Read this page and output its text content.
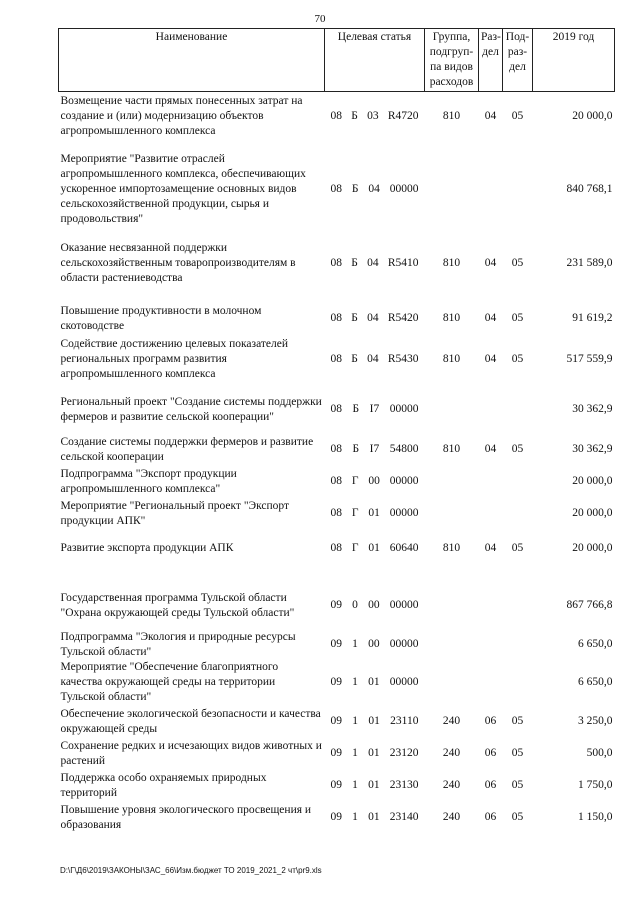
70
Наименование	Целевая статья	Группа, подгруп-па видов расходов	Раз-дел	Под-раз-дел	2019 год
Возмещение части прямых понесенных затрат на создание и (или) модернизацию объектов агропромышленного комплекса	08 Б 03 R4720	810	04	05	20 000,0
Мероприятие "Развитие отраслей агропромышленного комплекса, обеспечивающих ускоренное импортозамещение основных видов сельскохозяйственной продукции, сырья и продовольствия"	08 Б 04 00000				840 768,1
Оказание несвязанной поддержки сельскохозяйственным товаропроизводителям в области растениеводства	08 Б 04 R5410	810	04	05	231 589,0

Повышение продуктивности в молочном скотоводстве	08 Б 04 R5420	810	04	05	91 619,2
Содействие достижению целевых показателей региональных программ развития агропромышленного комплекса	08 Б 04 R5430	810	04	05	517 559,9
Региональный проект "Создание системы поддержки фермеров и развитие сельской кооперации"	08 Б I7 00000				30 362,9
Создание системы поддержки фермеров и развитие сельской кооперации	08 Б I7 54800	810	04	05	30 362,9
Подпрограмма "Экспорт продукции агропромышленного комплекса"	08 Г 00 00000				20 000,0
Мероприятие "Региональный проект "Экспорт продукции АПК"	08 Г 01 00000				20 000,0
Развитие экспорта продукции АПК	08 Г 01 60640	810	04	05	20 000,0

Государственная программа Тульской области "Охрана окружающей среды Тульской области"	09 0 00 00000				867 766,8
Подпрограмма "Экология и природные ресурсы Тульской области"	09 1 00 00000				6 650,0
Мероприятие "Обеспечение благоприятного качества окружающей среды на территории Тульской области"	09 1 01 00000				6 650,0
Обеспечение экологической безопасности и качества окружающей среды	09 1 01 23110	240	06	05	3 250,0
Сохранение редких и исчезающих видов животных и растений	09 1 01 23120	240	06	05	500,0
Поддержка особо охраняемых природных территорий	09 1 01 23130	240	06	05	1 750,0
Повышение уровня экологического просвещения и образования	09 1 01 23140	240	06	05	1 150,0
D:\Г\Д6\2019\ЗАКОНЫ\ЗАС_66\Изм.бюджет ТО 2019_2021_2 чт\pr9.xls
